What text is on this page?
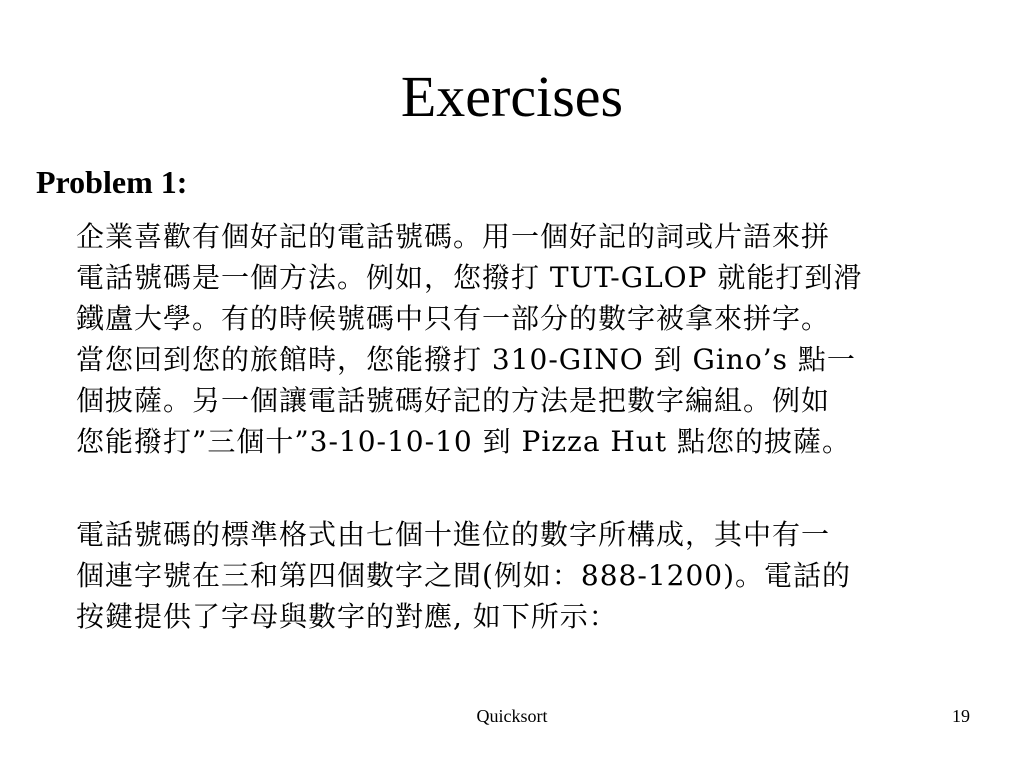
Exercises
Problem 1:
企業喜歡有個好記的電話號碼。用一個好記的詞或片語來拼
電話號碼是一個方法。例如，您撥打 TUT-GLOP 就能打到滑
鐵盧大學。有的時候號碼中只有一部分的數字被拿來拼字。
當您回到您的旅館時，您能撥打 310-GINO 到 Gino’s 點一
個披薩。另一個讓電話號碼好記的方法是把數字編組。例如
您能撥打”三個十”3-10-10-10 到 Pizza Hut 點您的披薩。
電話號碼的標準格式由七個十進位的數字所構成，其中有一
個連字號在三和第四個數字之間(例如：888-1200)。電話的
按鍵提供了字母與數字的對應, 如下所示：
Quicksort	19
